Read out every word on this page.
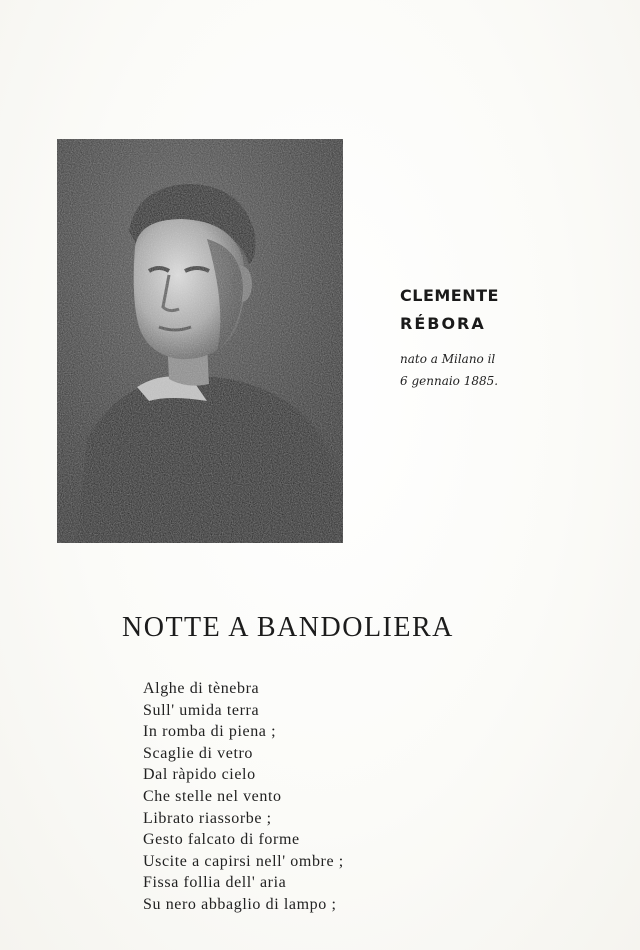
CLEMENTE
RÉBORA
nato a Milano il
6 gennaio 1885.
NOTTE A BANDOLIERA
Alghe di tènebra
Sull' umida terra
In romba di piena ;
Scaglie di vetro
Dal ràpido cielo
Che stelle nel vento
Librato riassorbe ;
Gesto falcato di forme
Uscite a capirsi nell' ombre ;
Fissa follia dell' aria
Su nero abbaglio di lampo ;
